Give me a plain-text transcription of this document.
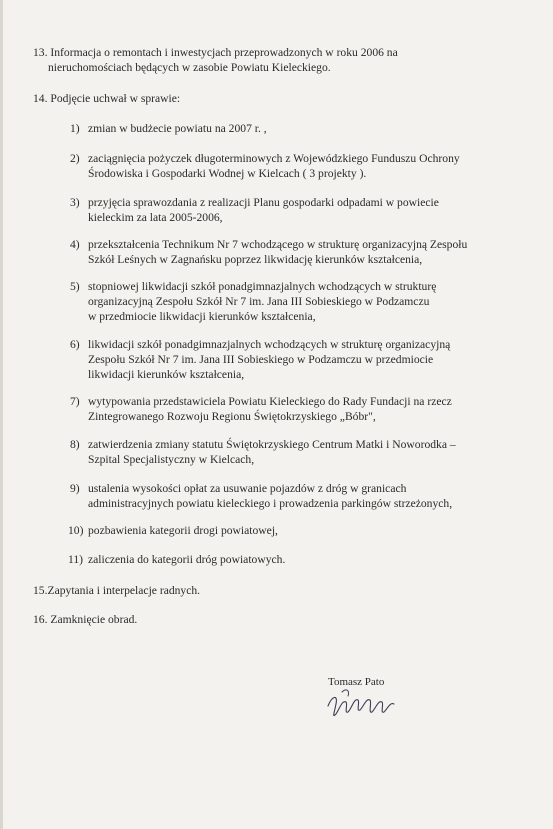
13. Informacja o remontach i inwestycjach przeprowadzonych w roku 2006 na
nieruchomościach będących w zasobie Powiatu Kieleckiego.
14. Podjęcie uchwał w sprawie:
1) zmian w budżecie powiatu na 2007 r. ,
2) zaciągnięcia pożyczek długoterminowych z Wojewódzkiego Funduszu Ochrony
Środowiska i Gospodarki Wodnej w Kielcach ( 3 projekty ).
3) przyjęcia sprawozdania z realizacji Planu gospodarki odpadami w powiecie
kieleckim za lata 2005-2006,
4) przekształcenia Technikum Nr 7 wchodzącego w strukturę organizacyjną Zespołu
Szkół Leśnych w Zagnańsku poprzez likwidację kierunków kształcenia,
5) stopniowej likwidacji szkół ponadgimnazjalnych wchodzących w strukturę
organizacyjną Zespołu Szkół Nr 7 im. Jana III Sobieskiego w Podzamczu
w przedmiocie likwidacji kierunków kształcenia,
6) likwidacji szkół ponadgimnazjalnych wchodzących w strukturę organizacyjną
Zespołu Szkół Nr 7 im. Jana III Sobieskiego w Podzamczu w przedmiocie
likwidacji kierunków kształcenia,
7) wytypowania przedstawiciela Powiatu Kieleckiego do Rady Fundacji na rzecz
Zintegrowanego Rozwoju Regionu Świętokrzyskiego „Bóbr",
8) zatwierdzenia zmiany statutu Świętokrzyskiego Centrum Matki i Noworodka –
Szpital Specjalistyczny w Kielcach,
9) ustalenia wysokości opłat za usuwanie pojazdów z dróg w granicach
administracyjnych powiatu kieleckiego i prowadzenia parkingów strzeżonych,
10) pozbawienia kategorii drogi powiatowej,
11) zaliczenia do kategorii dróg powiatowych.
15.Zapytania i interpelacje radnych.
16. Zamknięcie obrad.
Tomasz Pato
